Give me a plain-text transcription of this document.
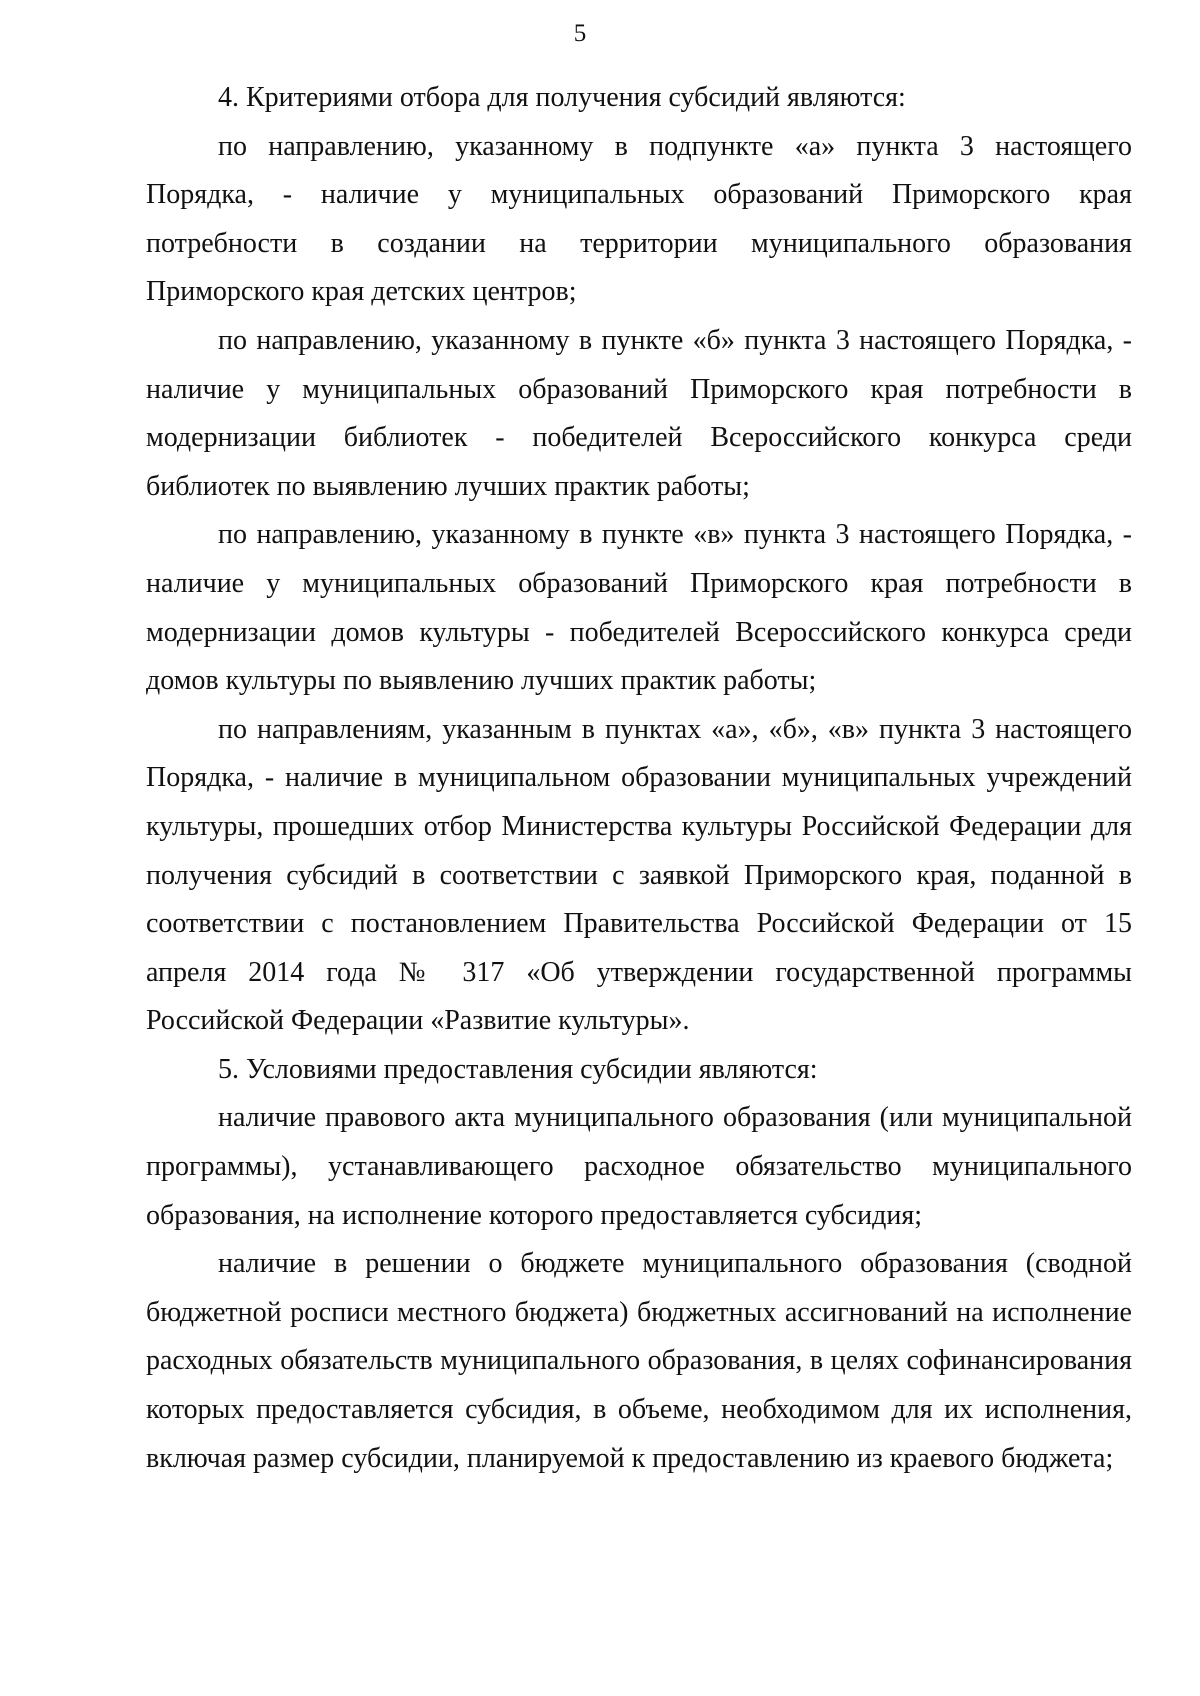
5

4. Критериями отбора для получения субсидий являются:

по направлению, указанному в подпункте «а» пункта 3 настоящего Порядка, - наличие у муниципальных образований Приморского края потребности в создании на территории муниципального образования Приморского края детских центров;

по направлению, указанному в пункте «б» пункта 3 настоящего Порядка, - наличие у муниципальных образований Приморского края потребности в модернизации библиотек - победителей Всероссийского конкурса среди библиотек по выявлению лучших практик работы;

по направлению, указанному в пункте «в» пункта 3 настоящего Порядка, - наличие у муниципальных образований Приморского края потребности в модернизации домов культуры - победителей Всероссийского конкурса среди домов культуры по выявлению лучших практик работы;

по направлениям, указанным в пунктах «а», «б», «в» пункта 3 настоящего Порядка, - наличие в муниципальном образовании муниципальных учреждений культуры, прошедших отбор Министерства культуры Российской Федерации для получения субсидий в соответствии с заявкой Приморского края, поданной в соответствии с постановлением Правительства Российской Федерации от 15 апреля 2014 года № 317 «Об утверждении государственной программы Российской Федерации «Развитие культуры».

5. Условиями предоставления субсидии являются:

наличие правового акта муниципального образования (или муниципальной программы), устанавливающего расходное обязательство муниципального образования, на исполнение которого предоставляется субсидия;

наличие в решении о бюджете муниципального образования (сводной бюджетной росписи местного бюджета) бюджетных ассигнований на исполнение расходных обязательств муниципального образования, в целях софинансирования которых предоставляется субсидия, в объеме, необходимом для их исполнения, включая размер субсидии, планируемой к предоставлению из краевого бюджета;
